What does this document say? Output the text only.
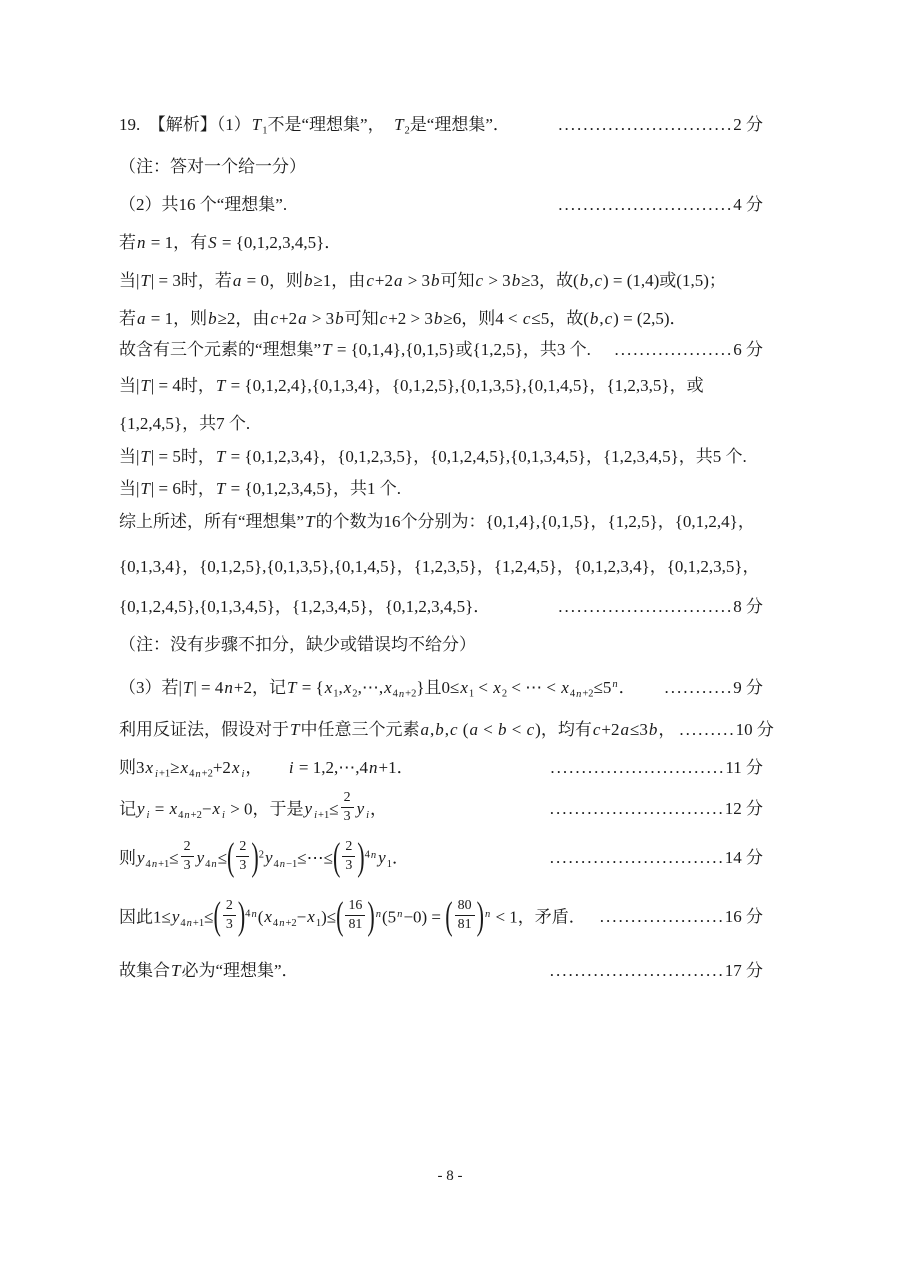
19.　【解析】$(1)T_1$不是“理想集”，　$T_2$是“理想集”．	............................ 2 分
（注：答对一个给一分）
（2）共16 个“理想集”.	............................ 4 分
若n = 1，有S = {0,1,2,3,4,5}．
当|T| = 3时，若a = 0，则b≥1，由c+2a > 3b可知c > 3b≥3，故(b,c) = (1,4)或(1,5)；
若a = 1，则b≥2，由c+2a > 3b可知c+2 > 3b≥6，则4 < c≤5，故(b,c) = (2,5)．
故含有三个元素的“理想集”T = {0,1,4},{0,1,5}或{1,2,5}，共3 个. ................... 6 分
当|T| = 4时，T = {0,1,2,4},{0,1,3,4}，{0,1,2,5},{0,1,3,5},{0,1,4,5}，{1,2,3,5}，或
{1,2,4,5}，共7 个.
当|T| = 5时，T = {0,1,2,3,4}，{0,1,2,3,5}，{0,1,2,4,5},{0,1,3,4,5}，{1,2,3,4,5}，共5 个.
当|T| = 6时，T = {0,1,2,3,4,5}，共1 个.
综上所述，所有“理想集”T的个数为16个分别为：{0,1,4},{0,1,5}，{1,2,5}，{0,1,2,4}，
{0,1,3,4}，{0,1,2,5},{0,1,3,5},{0,1,4,5}，{1,2,3,5}，{1,2,4,5}，{0,1,2,3,4}，{0,1,2,3,5}，
{0,1,2,4,5},{0,1,3,4,5}，{1,2,3,4,5}，{0,1,2,3,4,5}．	............................ 8 分
（注：没有步骤不扣分，缺少或错误均不给分）
（3）若|T| = 4n+2，记$T = \{x_1,x_2,\cdots,x_{4n+2}\}$且$0\le x_1 < x_2$ < ⋯ < $x_{4n+2}\le 5^n$． ........... 9 分
利用反证法，假设对于T中任意三个元素a,b,c (a < b < c)，均有c+2a≤3b， ......... 10 分
则3x $_{i+1}\ge x_{4n+2}+2x$ $_i$，　　i = 1,2,⋯,4n+1．	............................ 11 分
记y $_i = x_{4n+2}-x$ $_i$ > 0，于是y $_{i+1}\le \frac{2}{3}$ y $_i$，	............................ 12 分
则$y_{4n+1}\le \frac{2}{3} y_{4n}\le( \frac{2}{3}$ )$^2y_{4n-1}\le\cdots\le( \frac{2}{3} )^{4n}$ $y_1$．	............................ 14 分
因此$1\le y_{4n+1}\le( \frac{2}{3} )^{4n}(x_{4n+2}-x_1)\le( \frac{16}{81} )^n(5^n-0)$ = ( $\frac{80}{81} )^n < 1$，矛盾． .................... 16 分
故集合T必为“理想集”．	............................ 17 分
- 8 -
